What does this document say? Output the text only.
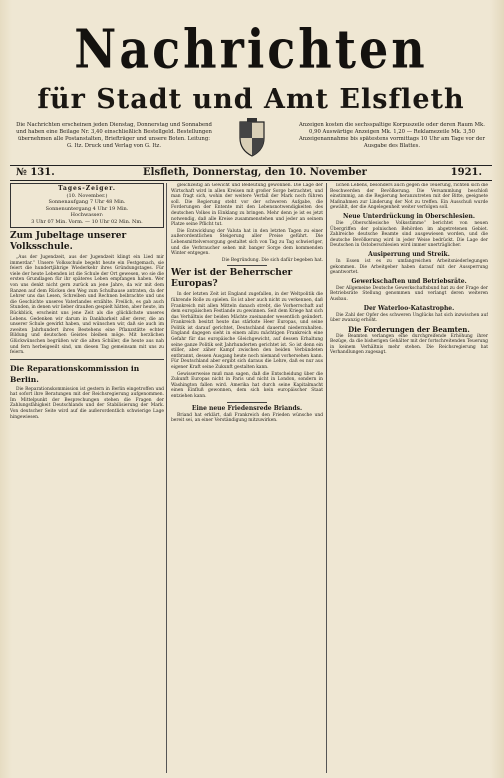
Nachrichten
für Stadt und Amt Elsfleth
Die Nachrichten erscheinen jeden Dienstag, Donnerstag und Sonnabend und haben eine Beilage Nr. 3,40 einschließlich Bestellgeld. Bestellungen übernehmen alle Postanstalten, Briefträger und unsere Boten. Leitung: G. Itz. Druck und Verlag von G. Itz.
Anzeigen kosten die sechsspaltige Korpuszeile oder deren Raum Mk. 0,90 Auswärtige Anzeigen Mk. 1,20 — Reklamezeile Mk. 3,50 Anzeigenannahme bis spätestens vormittags 10 Uhr am Tage vor der Ausgabe des Blattes.
№ 131.	Elsfleth, Donnerstag, den 10. November	1921.
Tages-Zeiger.
(10. November.)
Sonnenaufgang 7 Uhr 48 Min.
Sonnenuntergang 4 Uhr 19 Min.
Hochwasser:
3 Uhr 07 Min. Vorm. — 10 Uhr 02 Min. Nm.
Zum Jubeltage unserer Volksschule.
„Aus der Jugendzeit, aus der Jugendzeit klingt ein Lied mir immerdar.“ Unsere Volksschule begeht heute ein Festgemach, sie feiert die hundertjährige Wiederkehr ihres Gründungstages. Für viele der heute Lebenden ist die Schule der Ort gewesen, wo sie die ersten Grundlagen für ihr späteres Leben empfangen haben. Wer von uns denkt nicht gern zurück an jene Jahre, da wir mit dem Ranzen auf dem Rücken den Weg zum Schulhause antraten, da der Lehrer uns das Lesen, Schreiben und Rechnen beibrachte und uns die Geschichte unseres Vaterlandes erzählte. Freilich, es gab auch Stunden, in denen wir lieber draußen gespielt hätten, aber heute, im Rückblick, erscheint uns jene Zeit als die glücklichste unseres Lebens. Gedenken wir darum in Dankbarkeit aller derer, die an unserer Schule gewirkt haben, und wünschen wir, daß sie auch im zweiten Jahrhundert ihres Bestehens eine Pflanzstätte echter Bildung und deutschen Geistes bleiben möge. Mit herzlichen Glückwünschen begrüßen wir die alten Schüler, die heute aus nah und fern herbeigeeilt sind, um diesen Tag gemeinsam mit uns zu feiern.
Die Reparationskommission in Berlin.
Die Reparationskommission ist gestern in Berlin eingetroffen und hat sofort ihre Beratungen mit der Reichsregierung aufgenommen. Im Mittelpunkt der Besprechungen stehen die Fragen der Zahlungsfähigkeit Deutschlands und der Stabilisierung der Mark. Von deutscher Seite wird auf die außerordentlich schwierige Lage hingewiesen.
gleichzeitig an Gewicht und Bedeutung gewonnen. Die Lage der Wirtschaft wird in allen Kreisen mit großer Sorge betrachtet, und man fragt sich, wohin der weitere Verfall der Mark noch führen soll. Die Regierung steht vor der schweren Aufgabe, die Forderungen der Entente mit den Lebensnotwendigkeiten des deutschen Volkes in Einklang zu bringen. Mehr denn je ist es jetzt notwendig, daß alle Kreise zusammenstehen und jeder an seinem Platze seine Pflicht tut.
Die Entwicklung der Valuta hat in den letzten Tagen zu einer außerordentlichen Steigerung aller Preise geführt. Die Lebensmittelversorgung gestaltet sich von Tag zu Tag schwieriger, und die Verbraucher sehen mit banger Sorge dem kommenden Winter entgegen.
Die Begründung. Die sich dafür begeben hat.
Wer ist der Beherrscher Europas?
In der letzten Zeit ist England zugefallen, in der Weltpolitik die führende Rolle zu spielen. Es ist aber auch nicht zu verkennen, daß Frankreich mit allen Mitteln danach strebt, die Vorherrschaft auf dem europäischen Festlande zu gewinnen. Seit dem Kriege hat sich das Verhältnis der beiden Mächte zueinander wesentlich geändert. Frankreich besitzt heute das stärkste Heer Europas, und seine Politik ist darauf gerichtet, Deutschland dauernd niederzuhalten. England dagegen sieht in einem allzu mächtigen Frankreich eine Gefahr für das europäische Gleichgewicht, auf dessen Erhaltung seine ganze Politik seit Jahrhunderten gerichtet ist. So ist denn ein stiller, aber zäher Kampf zwischen den beiden Verbündeten entbrannt, dessen Ausgang heute noch niemand vorhersehen kann. Für Deutschland aber ergibt sich daraus die Lehre, daß es nur aus eigener Kraft seine Zukunft gestalten kann.
Gewisserweise muß man sagen, daß die Entscheidung über die Zukunft Europas nicht in Paris und nicht in London, sondern in Washington fallen wird. Amerika hat durch seine Kapitalmacht einen Einfluß gewonnen, dem sich kein europäischer Staat entziehen kann.
Eine neue Friedensrede Briands.
Briand hat erklärt, daß Frankreich den Frieden wünsche und bereit sei, an einer Verständigung mitzuwirken.
lichen Lebens, besonders auch gegen die Teuerung, richten sich die Beschwerden der Bevölkerung. Die Versammlung beschloß einstimmig, an die Regierung heranzutreten mit der Bitte, geeignete Maßnahmen zur Linderung der Not zu treffen. Ein Ausschuß wurde gewählt, der die Angelegenheit weiter verfolgen soll.
Neue Unterdrückung in Oberschlesien.
Die „Oberschlesische Volksstimme“ berichtet von neuen Übergriffen der polnischen Behörden im abgetretenen Gebiet. Zahlreiche deutsche Beamte sind ausgewiesen worden, und die deutsche Bevölkerung wird in jeder Weise bedrückt. Die Lage der Deutschen in Ostoberschlesien wird immer unerträglicher.
Ausiperrung und Streik.
In Essen ist es zu umfangreichen Arbeitsniederlegungen gekommen. Die Arbeitgeber haben darauf mit der Aussperrung geantwortet.
Gewerkschaften und Betriebsräte.
Der Allgemeine Deutsche Gewerkschaftsbund hat zu der Frage der Betriebsräte Stellung genommen und verlangt deren weiteren Ausbau.
Der Waterloo-Katastrophe.
Die Zahl der Opfer des schweren Unglücks hat sich inzwischen auf über zwanzig erhöht.
Die Forderungen der Beamten.
Die Beamten verlangen eine durchgreifende Erhöhung ihrer Bezüge, da die bisherigen Gehälter mit der fortschreitenden Teuerung in keinem Verhältnis mehr stehen. Die Reichsregierung hat Verhandlungen zugesagt.
